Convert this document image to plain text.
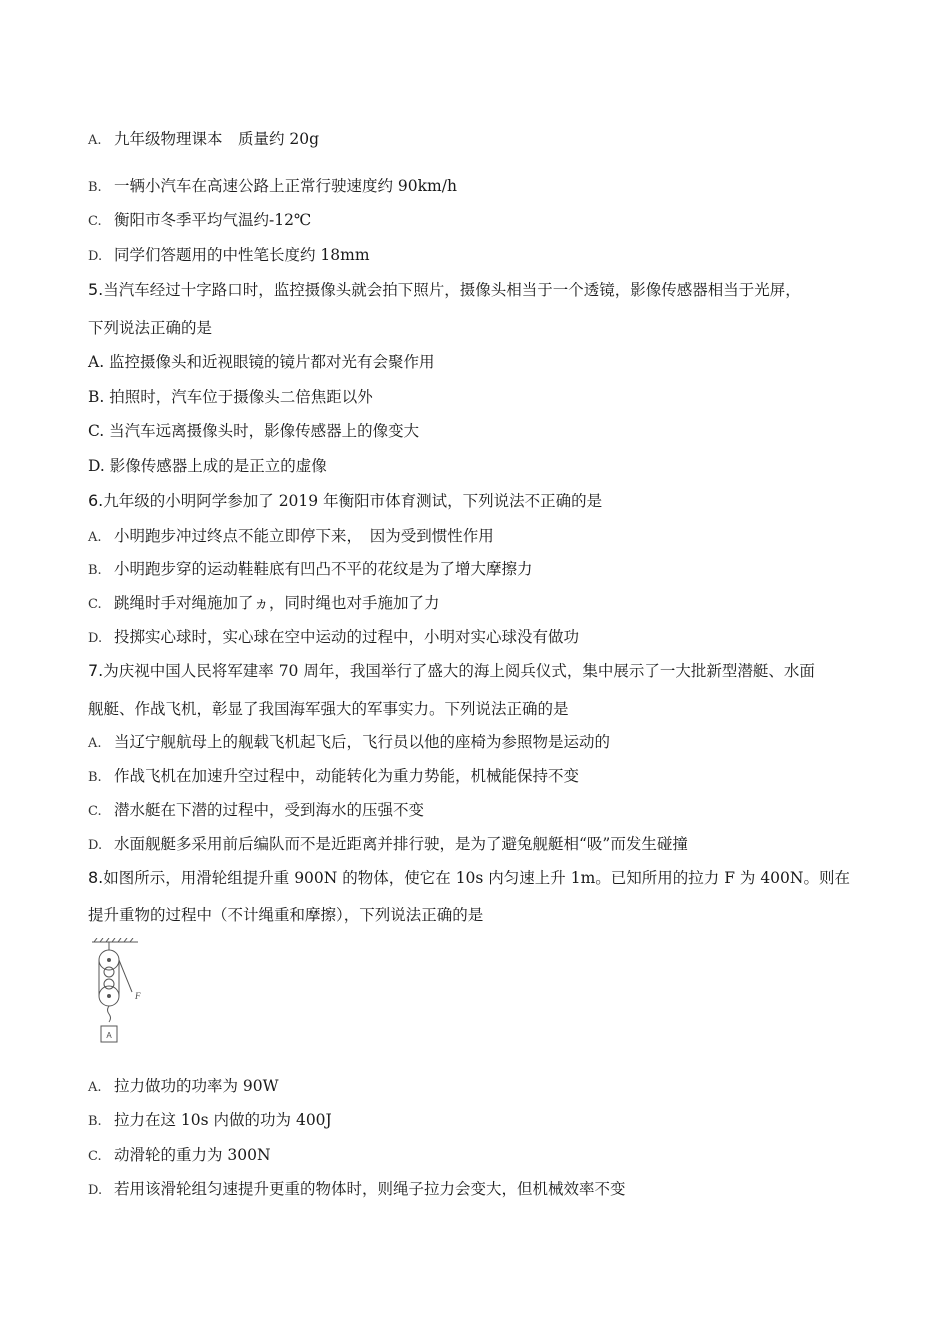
A. 九年级物理课本　质量约 20g
B. 一辆小汽车在高速公路上正常行驶速度约 90km/h
C. 衡阳市冬季平均气温约-12℃
D. 同学们答题用的中性笔长度约 18mm
5.当汽车经过十字路口时，监控摄像头就会拍下照片，摄像头相当于一个透镜，影像传感器相当于光屏，
下列说法正确的是
A. 监控摄像头和近视眼镜的镜片都对光有会聚作用
B. 拍照时，汽车位于摄像头二倍焦距以外
C. 当汽车远离摄像头时，影像传感器上的像变大
D. 影像传感器上成的是正立的虚像
6.九年级的小明阿学参加了 2019 年衡阳市体育测试，下列说法不正确的是
A. 小明跑步冲过终点不能立即停下来，　因为受到惯性作用
B. 小明跑步穿的运动鞋鞋底有凹凸不平的花纹是为了增大摩擦力
C. 跳绳时手对绳施加了ヵ，同时绳也对手施加了力
D. 投掷实心球时，实心球在空中运动的过程中，小明对实心球没有做功
7.为庆视中国人民将军建率 70 周年，我国举行了盛大的海上阅兵仪式，集中展示了一大批新型潜艇、水面
舰艇、作战飞机，彰显了我国海军强大的军事实力。下列说法正确的是
A. 当辽宁舰航母上的舰载飞机起飞后，飞行员以他的座椅为参照物是运动的
B. 作战飞机在加速升空过程中，动能转化为重力势能，机械能保持不变
C. 潜水艇在下潜的过程中，受到海水的压强不变
D. 水面舰艇多采用前后编队而不是近距离并排行驶，是为了避兔舰艇相“吸”而发生碰撞
8.如图所示，用滑轮组提升重 900N 的物体，使它在 10s 内匀速上升 1m。已知所用的拉力 F 为 400N。则在
提升重物的过程中（不计绳重和摩擦），下列说法正确的是
F
A
A. 拉力做功的功率为 90W
B. 拉力在这 10s 内做的功为 400J
C. 动滑轮的重力为 300N
D. 若用该滑轮组匀速提升更重的物体时，则绳子拉力会变大，但机械效率不变
